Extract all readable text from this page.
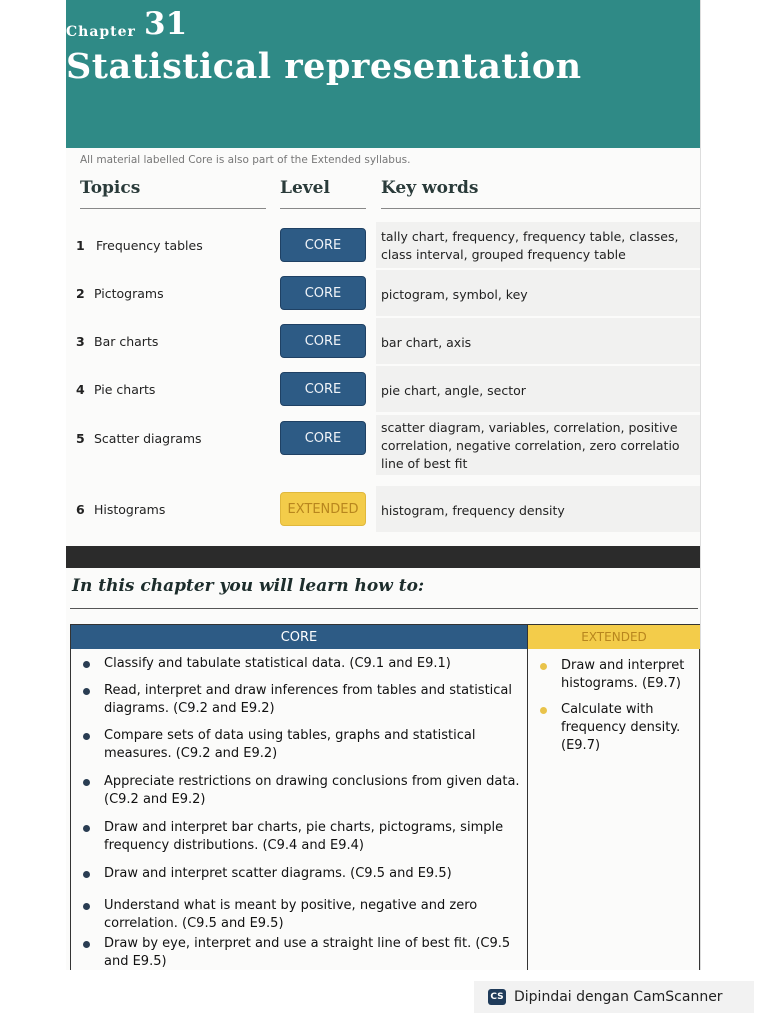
Chapter 31
Statistical representation
All material labelled Core is also part of the Extended syllabus.
Topics	Level	Key words
1 Frequency tables	CORE
tally chart, frequency, frequency table, classes,
class interval, grouped frequency table
2 Pictograms	CORE	pictogram, symbol, key
3 Bar charts	CORE	bar chart, axis
4 Pie charts	CORE	pie chart, angle, sector
5 Scatter diagrams	CORE
scatter diagram, variables, correlation, positive
correlation, negative correlation, zero correlatio
line of best fit
6 Histograms	EXTENDED	histogram, frequency density
In this chapter you will learn how to:
CORE	EXTENDED
Classify and tabulate statistical data. (C9.1 and E9.1)
Read, interpret and draw inferences from tables and statistical
diagrams. (C9.2 and E9.2)
Compare sets of data using tables, graphs and statistical
measures. (C9.2 and E9.2)
Appreciate restrictions on drawing conclusions from given data.
(C9.2 and E9.2)
Draw and interpret bar charts, pie charts, pictograms, simple
frequency distributions. (C9.4 and E9.4)
Draw and interpret scatter diagrams. (C9.5 and E9.5)
Understand what is meant by positive, negative and zero
correlation. (C9.5 and E9.5)
Draw by eye, interpret and use a straight line of best fit. (C9.5
and E9.5)
Draw and interpret
histograms. (E9.7)
Calculate with
frequency density.
(E9.7)
CS Dipindai dengan CamScanner
